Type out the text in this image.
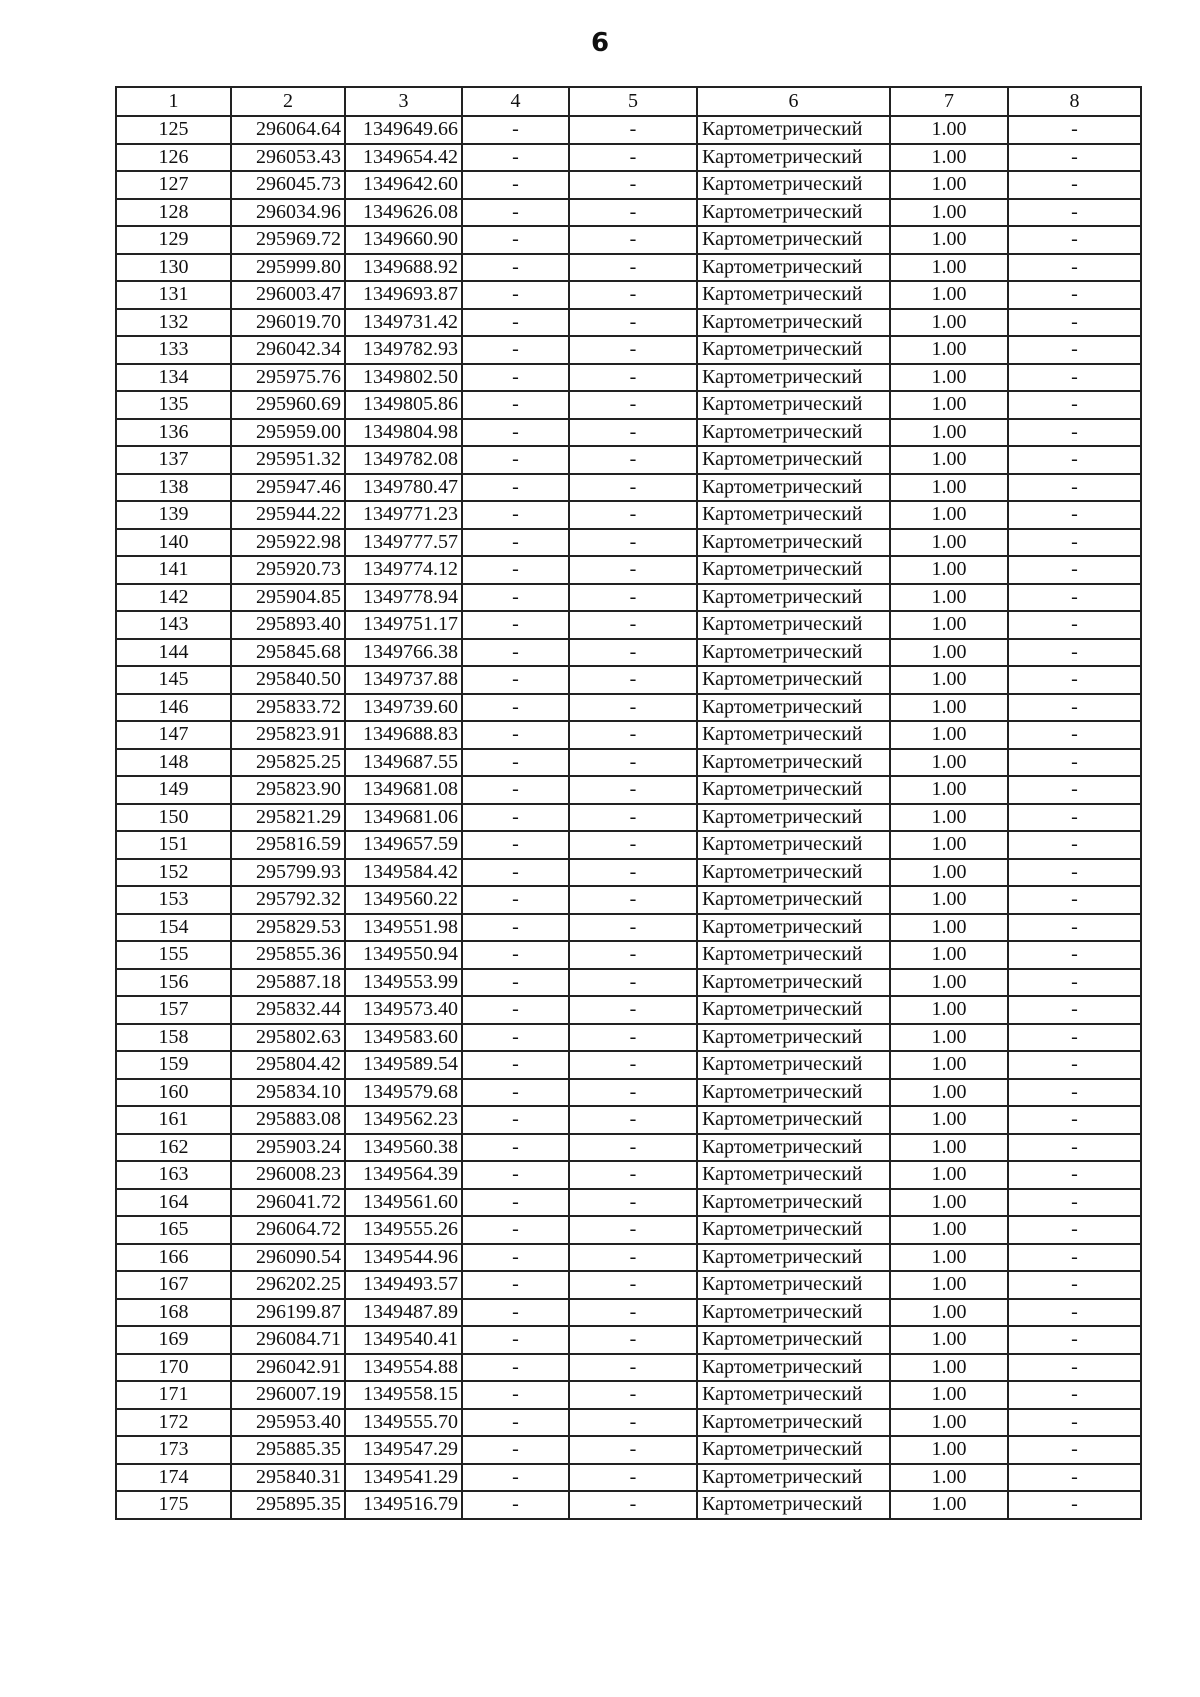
6
1	2	3	4	5	6	7	8
125	296064.64	1349649.66	-	-	Картометрический	1.00	-
126	296053.43	1349654.42	-	-	Картометрический	1.00	-
127	296045.73	1349642.60	-	-	Картометрический	1.00	-
128	296034.96	1349626.08	-	-	Картометрический	1.00	-
129	295969.72	1349660.90	-	-	Картометрический	1.00	-
130	295999.80	1349688.92	-	-	Картометрический	1.00	-
131	296003.47	1349693.87	-	-	Картометрический	1.00	-
132	296019.70	1349731.42	-	-	Картометрический	1.00	-
133	296042.34	1349782.93	-	-	Картометрический	1.00	-
134	295975.76	1349802.50	-	-	Картометрический	1.00	-
135	295960.69	1349805.86	-	-	Картометрический	1.00	-
136	295959.00	1349804.98	-	-	Картометрический	1.00	-
137	295951.32	1349782.08	-	-	Картометрический	1.00	-
138	295947.46	1349780.47	-	-	Картометрический	1.00	-
139	295944.22	1349771.23	-	-	Картометрический	1.00	-
140	295922.98	1349777.57	-	-	Картометрический	1.00	-
141	295920.73	1349774.12	-	-	Картометрический	1.00	-
142	295904.85	1349778.94	-	-	Картометрический	1.00	-
143	295893.40	1349751.17	-	-	Картометрический	1.00	-
144	295845.68	1349766.38	-	-	Картометрический	1.00	-
145	295840.50	1349737.88	-	-	Картометрический	1.00	-
146	295833.72	1349739.60	-	-	Картометрический	1.00	-
147	295823.91	1349688.83	-	-	Картометрический	1.00	-
148	295825.25	1349687.55	-	-	Картометрический	1.00	-
149	295823.90	1349681.08	-	-	Картометрический	1.00	-
150	295821.29	1349681.06	-	-	Картометрический	1.00	-
151	295816.59	1349657.59	-	-	Картометрический	1.00	-
152	295799.93	1349584.42	-	-	Картометрический	1.00	-
153	295792.32	1349560.22	-	-	Картометрический	1.00	-
154	295829.53	1349551.98	-	-	Картометрический	1.00	-
155	295855.36	1349550.94	-	-	Картометрический	1.00	-
156	295887.18	1349553.99	-	-	Картометрический	1.00	-
157	295832.44	1349573.40	-	-	Картометрический	1.00	-
158	295802.63	1349583.60	-	-	Картометрический	1.00	-
159	295804.42	1349589.54	-	-	Картометрический	1.00	-
160	295834.10	1349579.68	-	-	Картометрический	1.00	-
161	295883.08	1349562.23	-	-	Картометрический	1.00	-
162	295903.24	1349560.38	-	-	Картометрический	1.00	-
163	296008.23	1349564.39	-	-	Картометрический	1.00	-
164	296041.72	1349561.60	-	-	Картометрический	1.00	-
165	296064.72	1349555.26	-	-	Картометрический	1.00	-
166	296090.54	1349544.96	-	-	Картометрический	1.00	-
167	296202.25	1349493.57	-	-	Картометрический	1.00	-
168	296199.87	1349487.89	-	-	Картометрический	1.00	-
169	296084.71	1349540.41	-	-	Картометрический	1.00	-
170	296042.91	1349554.88	-	-	Картометрический	1.00	-
171	296007.19	1349558.15	-	-	Картометрический	1.00	-
172	295953.40	1349555.70	-	-	Картометрический	1.00	-
173	295885.35	1349547.29	-	-	Картометрический	1.00	-
174	295840.31	1349541.29	-	-	Картометрический	1.00	-
175	295895.35	1349516.79	-	-	Картометрический	1.00	-
